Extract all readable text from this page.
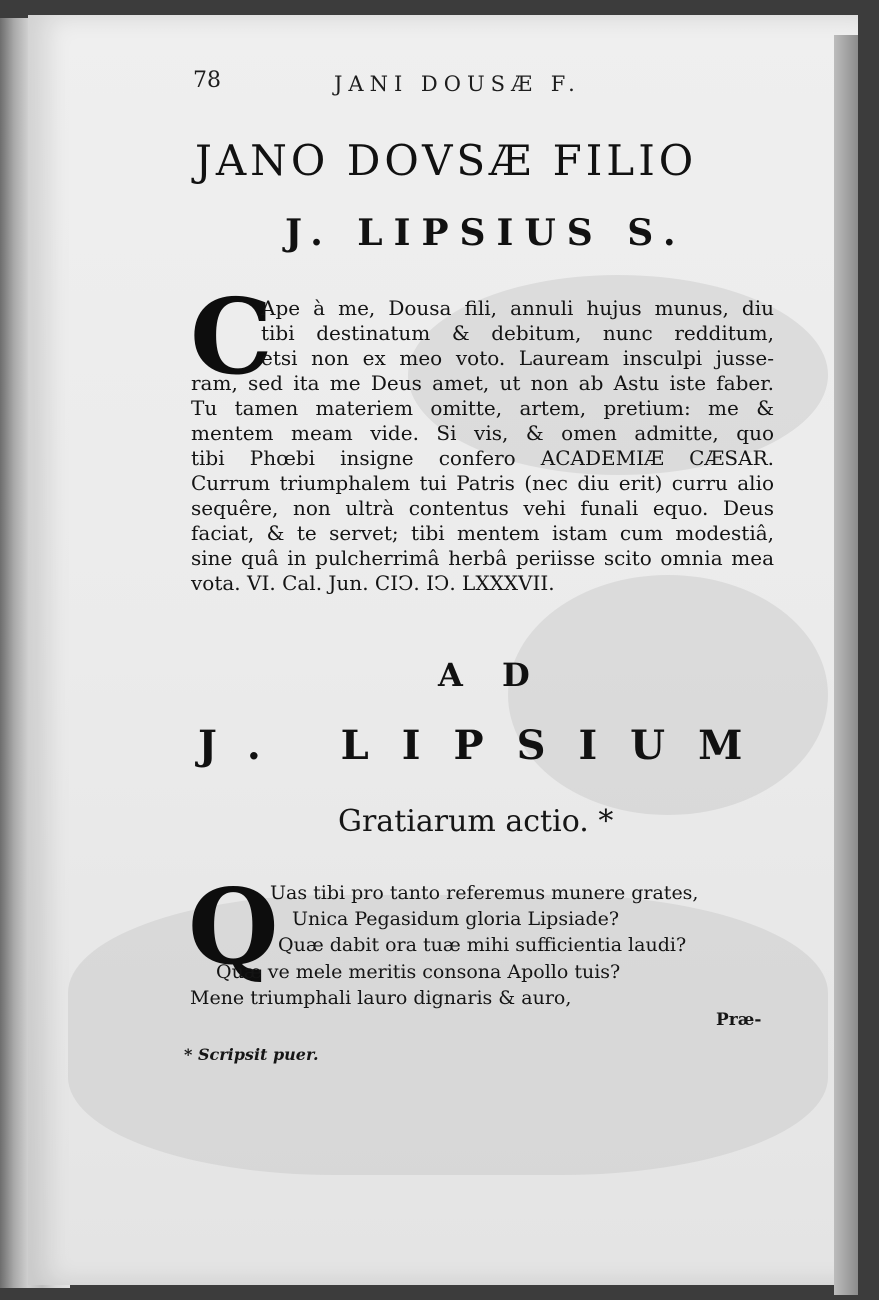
78	JANI DOUSÆ F.
JANO DOVSÆ FILIO
J. LIPSIUS S.
C
Ape à me, Dousa fili, annuli hujus munus, diu
tibi destinatum & debitum, nunc redditum,
etsi non ex meo voto. Lauream insculpi jusse-
ram, sed ita me Deus amet, ut non ab Astu iste faber.
Tu tamen materiem omitte, artem, pretium: me &
mentem meam vide. Si vis, & omen admitte, quo
tibi Phœbi insigne confero ACADEMIÆ CÆSAR.
Currum triumphalem tui Patris (nec diu erit) curru alio
sequêre, non ultrà contentus vehi funali equo. Deus
faciat, & te servet; tibi mentem istam cum modestiâ,
sine quâ in pulcherrimâ herbâ periisse scito omnia mea
vota. VI. Cal. Jun. CIↃ. IↃ. LXXXVII.
A D
J. LIPSIUM
Gratiarum actio. *
Q
Uas tibi pro tanto referemus munere grates,
Unica Pegasidum gloria Lipsiade?
Quæ dabit ora tuæ mihi sufficientia laudi?
Quæ ve mele meritis consona Apollo tuis?
Mene triumphali lauro dignaris & auro,
Præ-
* Scripsit puer.
